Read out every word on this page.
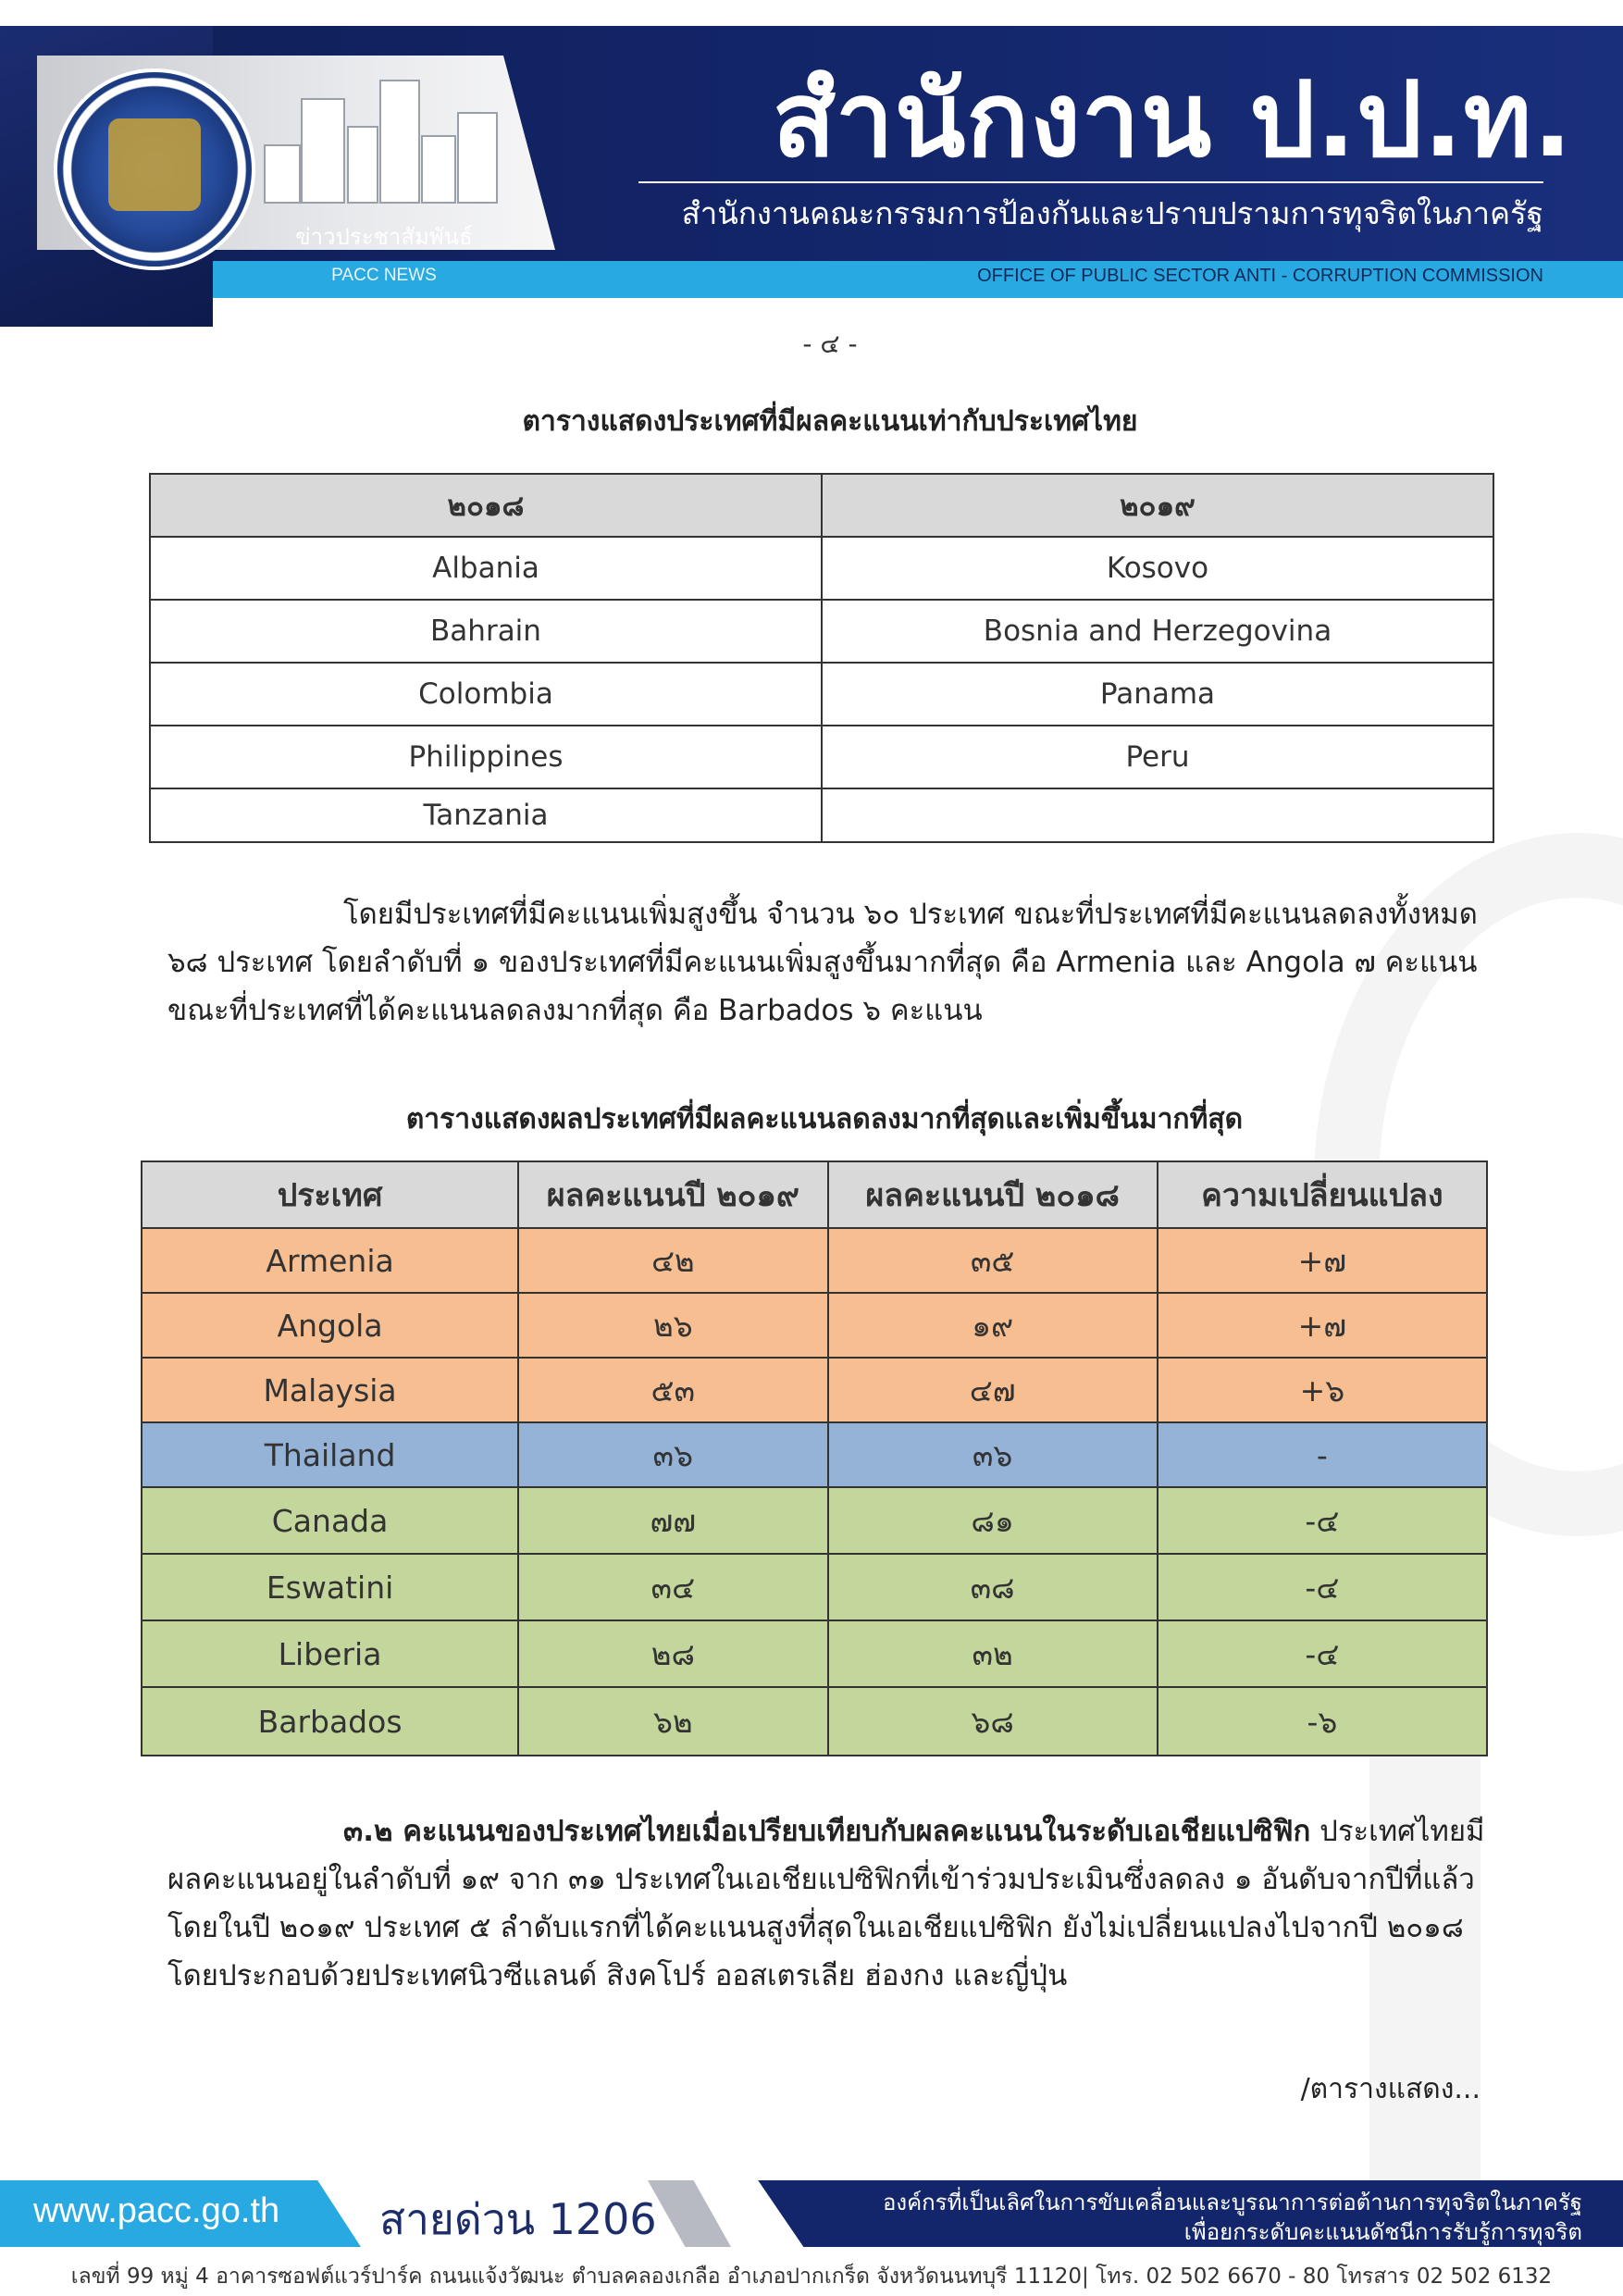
ข่าวประชาสัมพันธ์
PACC NEWS
สำนักงาน ป.ป.ท.
สำนักงานคณะกรรมการป้องกันและปราบปรามการทุจริตในภาครัฐ
OFFICE OF PUBLIC SECTOR ANTI - CORRUPTION COMMISSION
- ๔ -
ตารางแสดงประเทศที่มีผลคะแนนเท่ากับประเทศไทย
๒๐๑๘	๒๐๑๙
Albania	Kosovo
Bahrain	Bosnia and Herzegovina
Colombia	Panama
Philippines	Peru
Tanzania	
โดยมีประเทศที่มีคะแนนเพิ่มสูงขึ้น จำนวน ๖๐ ประเทศ ขณะที่ประเทศที่มีคะแนนลดลงทั้งหมด ๖๘ ประเทศ โดยลำดับที่ ๑ ของประเทศที่มีคะแนนเพิ่มสูงขึ้นมากที่สุด คือ Armenia และ Angola ๗ คะแนน ขณะที่ประเทศที่ได้คะแนนลดลงมากที่สุด คือ Barbados ๖ คะแนน
ตารางแสดงผลประเทศที่มีผลคะแนนลดลงมากที่สุดและเพิ่มขึ้นมากที่สุด
ประเทศ	ผลคะแนนปี ๒๐๑๙	ผลคะแนนปี ๒๐๑๘	ความเปลี่ยนแปลง
Armenia	๔๒	๓๕	+๗
Angola	๒๖	๑๙	+๗
Malaysia	๕๓	๔๗	+๖
Thailand	๓๖	๓๖	-
Canada	๗๗	๘๑	-๔
Eswatini	๓๔	๓๘	-๔
Liberia	๒๘	๓๒	-๔
Barbados	๖๒	๖๘	-๖
๓.๒ คะแนนของประเทศไทยเมื่อเปรียบเทียบกับผลคะแนนในระดับเอเชียแปซิฟิก ประเทศไทยมีผลคะแนนอยู่ในลำดับที่ ๑๙ จาก ๓๑ ประเทศในเอเชียแปซิฟิกที่เข้าร่วมประเมินซึ่งลดลง ๑ อันดับจากปีที่แล้ว โดยในปี ๒๐๑๙ ประเทศ ๕ ลำดับแรกที่ได้คะแนนสูงที่สุดในเอเชียแปซิฟิก ยังไม่เปลี่ยนแปลงไปจากปี ๒๐๑๘ โดยประกอบด้วยประเทศนิวซีแลนด์ สิงคโปร์ ออสเตรเลีย ฮ่องกง และญี่ปุ่น
/ตารางแสดง...
www.pacc.go.th สายด่วน 1206	องค์กรที่เป็นเลิศในการขับเคลื่อนและบูรณาการต่อต้านการทุจริตในภาครัฐ
เพื่อยกระดับคะแนนดัชนีการรับรู้การทุจริต
เลขที่ 99 หมู่ 4 อาคารซอฟต์แวร์ปาร์ค ถนนแจ้งวัฒนะ ตำบลคลองเกลือ อำเภอปากเกร็ด จังหวัดนนทบุรี 11120| โทร. 02 502 6670 - 80 โทรสาร 02 502 6132
